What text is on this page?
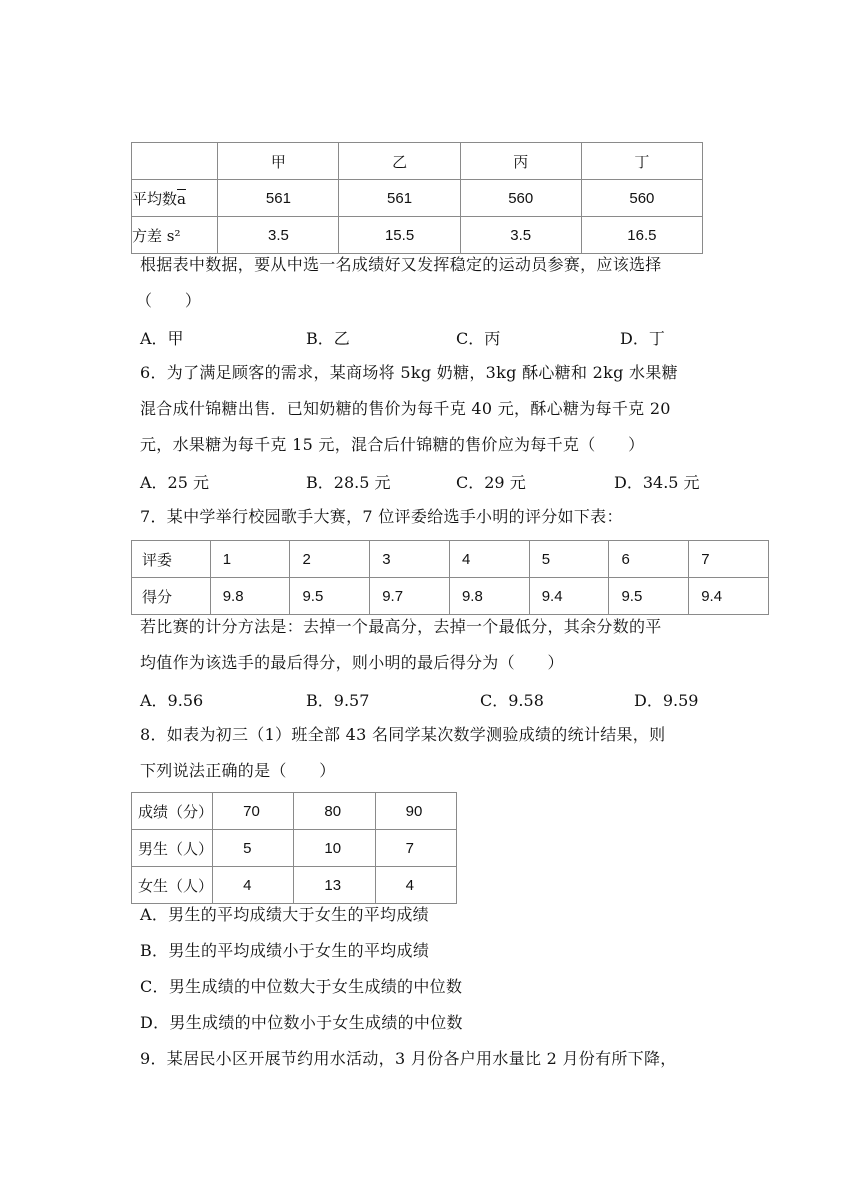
	甲	乙	丙	丁
平均数$\overline{a}$	561	561	560	560
方差 s²	3.5	15.5	3.5	16.5
根据表中数据，要从中选一名成绩好又发挥稳定的运动员参赛，应该选择
（　　）
A．甲	B．乙	C．丙	D．丁
6．为了满足顾客的需求，某商场将 5kg 奶糖，3kg 酥心糖和 2kg 水果糖
混合成什锦糖出售．已知奶糖的售价为每千克 40 元，酥心糖为每千克 20
元，水果糖为每千克 15 元，混合后什锦糖的售价应为每千克（　　）
A．25 元	B．28.5 元	C．29 元	D．34.5 元
7．某中学举行校园歌手大赛，7 位评委给选手小明的评分如下表：
评委	1	2	3	4	5	6	7
得分	9.8	9.5	9.7	9.8	9.4	9.5	9.4
若比赛的计分方法是：去掉一个最高分，去掉一个最低分，其余分数的平
均值作为该选手的最后得分，则小明的最后得分为（　　）
A．9.56	B．9.57	C．9.58	D．9.59
8．如表为初三（1）班全部 43 名同学某次数学测验成绩的统计结果，则
下列说法正确的是（　　）
成绩（分）	70	80	90
男生（人）	5	10	7
女生（人）	4	13	4
A．男生的平均成绩大于女生的平均成绩
B．男生的平均成绩小于女生的平均成绩
C．男生成绩的中位数大于女生成绩的中位数
D．男生成绩的中位数小于女生成绩的中位数
9．某居民小区开展节约用水活动，3 月份各户用水量比 2 月份有所下降，
